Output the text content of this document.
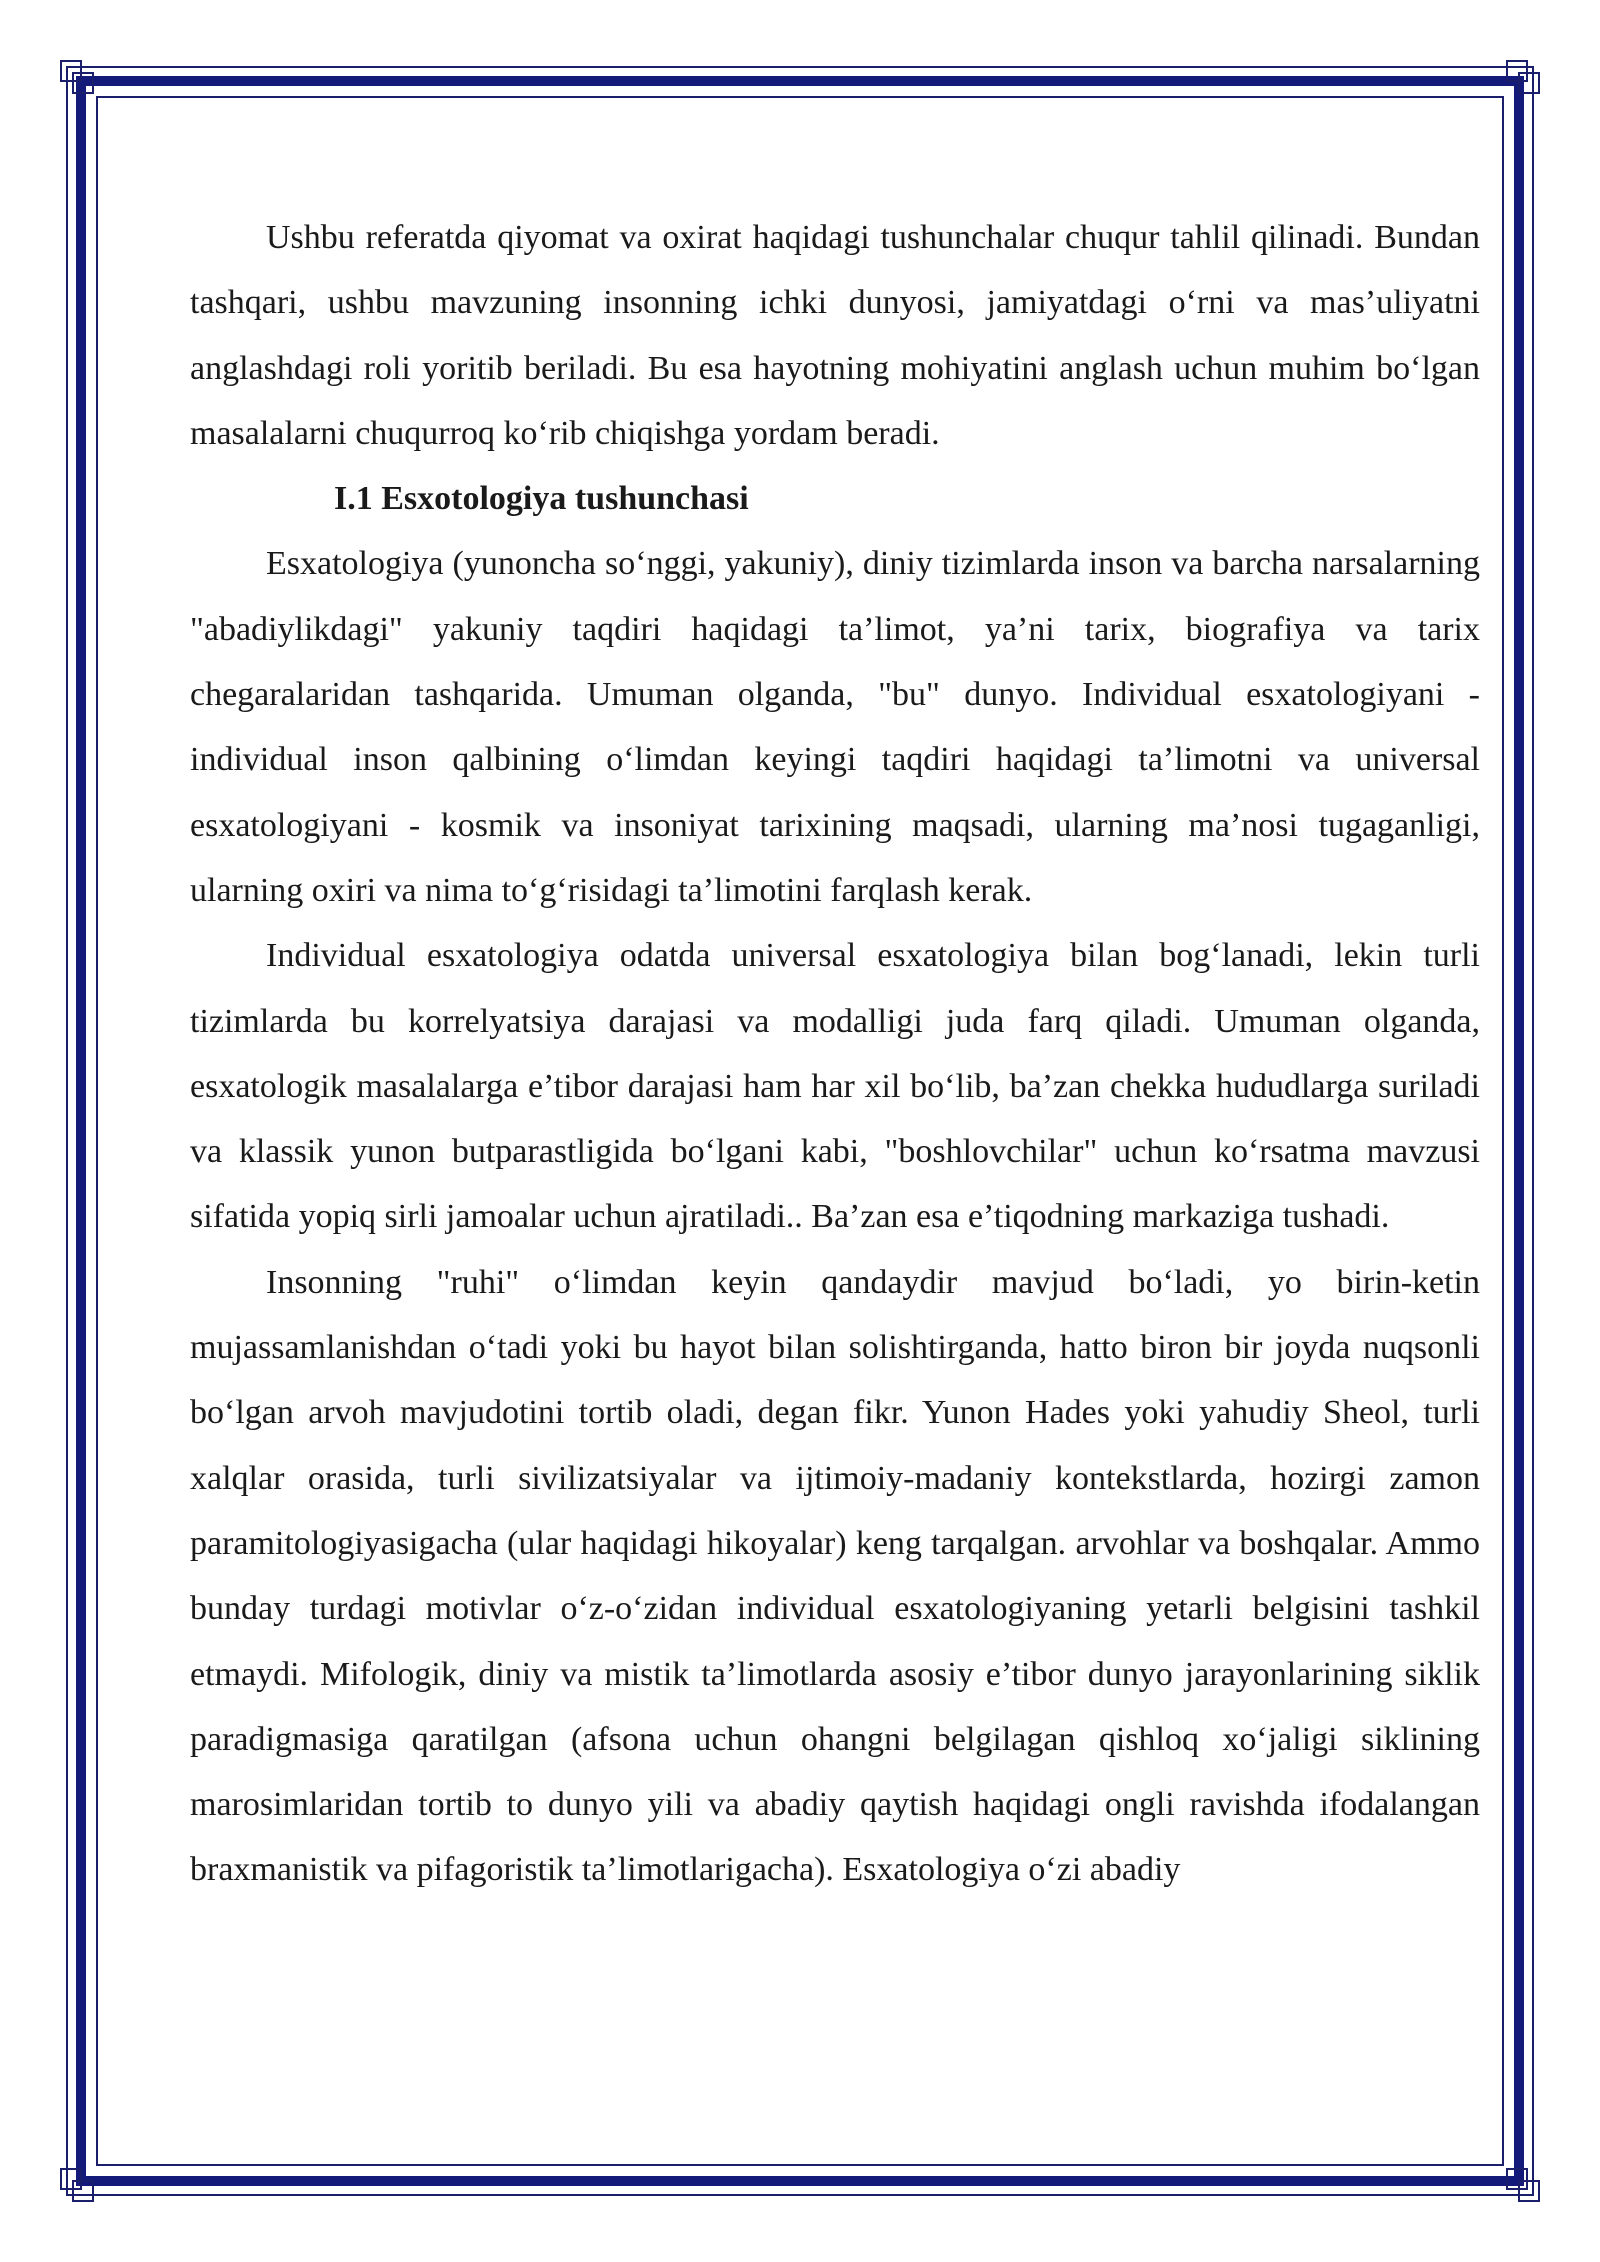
Ushbu referatda qiyomat va oxirat haqidagi tushunchalar chuqur tahlil qilinadi. Bundan tashqari, ushbu mavzuning insonning ichki dunyosi, jamiyatdagi o‘rni va mas’uliyatni anglashdagi roli yoritib beriladi. Bu esa hayotning mohiyatini anglash uchun muhim bo‘lgan masalalarni chuqurroq ko‘rib chiqishga yordam beradi.

I.1 Esxotologiya tushunchasi

Esxatologiya (yunoncha so‘nggi, yakuniy), diniy tizimlarda inson va barcha narsalarning "abadiylikdagi" yakuniy taqdiri haqidagi ta’limot, ya’ni tarix, biografiya va tarix chegaralaridan tashqarida. Umuman olganda, "bu" dunyo. Individual esxatologiyani - individual inson qalbining o‘limdan keyingi taqdiri haqidagi ta’limotni va universal esxatologiyani - kosmik va insoniyat tarixining maqsadi, ularning ma’nosi tugaganligi, ularning oxiri va nima to‘g‘risidagi ta’limotini farqlash kerak.

Individual esxatologiya odatda universal esxatologiya bilan bog‘lanadi, lekin turli tizimlarda bu korrelyatsiya darajasi va modalligi juda farq qiladi. Umuman olganda, esxatologik masalalarga e’tibor darajasi ham har xil bo‘lib, ba’zan chekka hududlarga suriladi va klassik yunon butparastligida bo‘lgani kabi, "boshlovchilar" uchun ko‘rsatma mavzusi sifatida yopiq sirli jamoalar uchun ajratiladi.. Ba’zan esa e’tiqodning markaziga tushadi.

Insonning "ruhi" o‘limdan keyin qandaydir mavjud bo‘ladi, yo birin-ketin mujassamlanishdan o‘tadi yoki bu hayot bilan solishtirganda, hatto biron bir joyda nuqsonli bo‘lgan arvoh mavjudotini tortib oladi, degan fikr. Yunon Hades yoki yahudiy Sheol, turli xalqlar orasida, turli sivilizatsiyalar va ijtimoiy-madaniy kontekstlarda, hozirgi zamon paramitologiyasigacha (ular haqidagi hikoyalar) keng tarqalgan. arvohlar va boshqalar. Ammo bunday turdagi motivlar o‘z-o‘zidan individual esxatologiyaning yetarli belgisini tashkil etmaydi. Mifologik, diniy va mistik ta’limotlarda asosiy e’tibor dunyo jarayonlarining siklik paradigmasiga qaratilgan (afsona uchun ohangni belgilagan qishloq xo‘jaligi siklining marosimlaridan tortib to dunyo yili va abadiy qaytish haqidagi ongli ravishda ifodalangan braxmanistik va pifagoristik ta’limotlarigacha). Esxatologiya o‘zi abadiy
